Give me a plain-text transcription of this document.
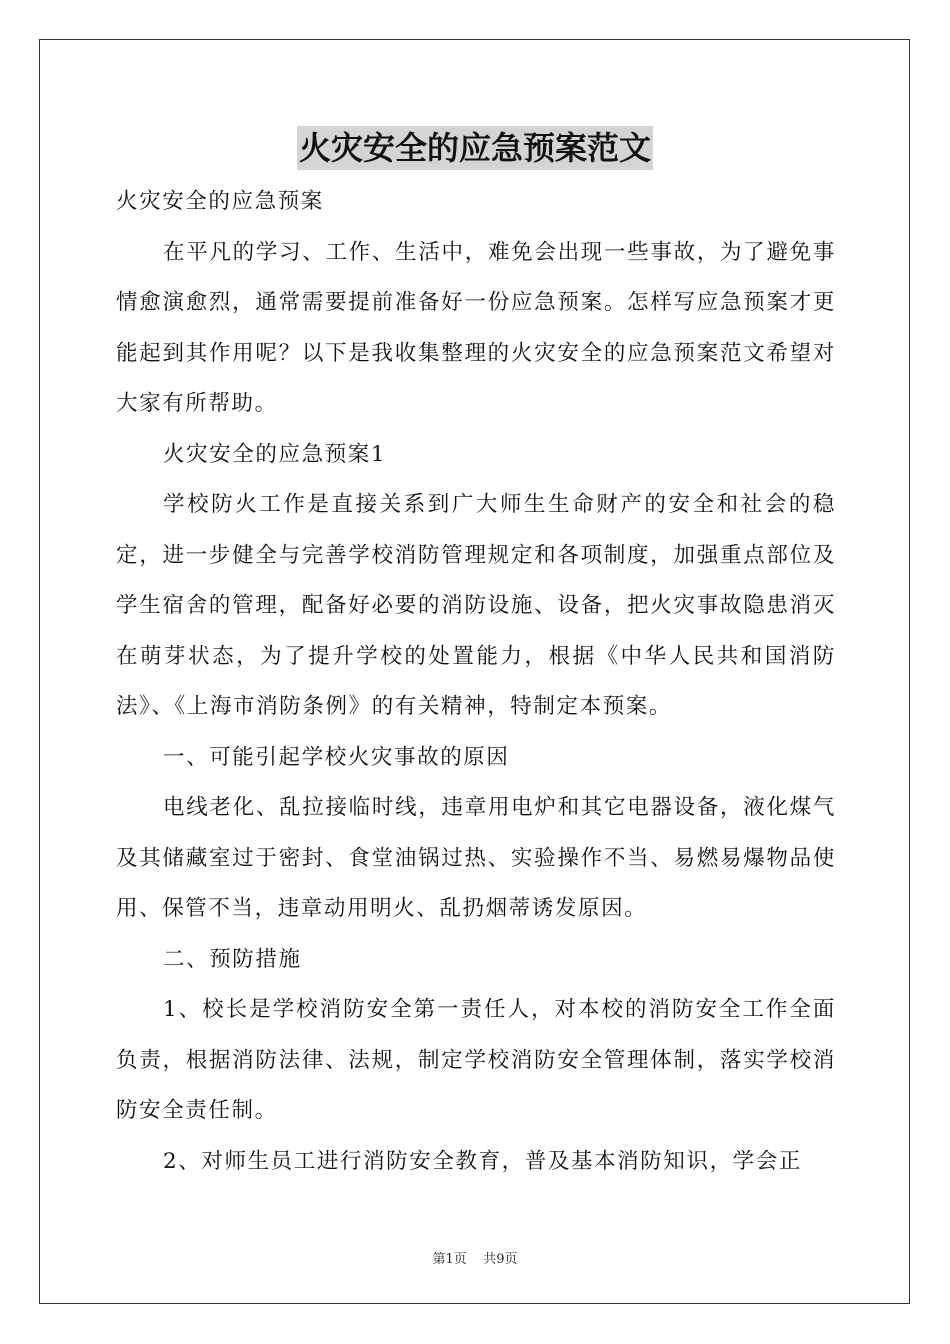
火灾安全的应急预案范文

火灾安全的应急预案

在平凡的学习、工作、生活中，难免会出现一些事故，为了避免事情愈演愈烈，通常需要提前准备好一份应急预案。怎样写应急预案才更能起到其作用呢？以下是我收集整理的火灾安全的应急预案范文希望对大家有所帮助。

火灾安全的应急预案1

学校防火工作是直接关系到广大师生生命财产的安全和社会的稳定，进一步健全与完善学校消防管理规定和各项制度，加强重点部位及学生宿舍的管理，配备好必要的消防设施、设备，把火灾事故隐患消灭在萌芽状态，为了提升学校的处置能力，根据《中华人民共和国消防法》、《上海市消防条例》的有关精神，特制定本预案。

一、可能引起学校火灾事故的原因

电线老化、乱拉接临时线，违章用电炉和其它电器设备，液化煤气及其储藏室过于密封、食堂油锅过热、实验操作不当、易燃易爆物品使用、保管不当，违章动用明火、乱扔烟蒂诱发原因。

二、预防措施

1、校长是学校消防安全第一责任人，对本校的消防安全工作全面负责，根据消防法律、法规，制定学校消防安全管理体制，落实学校消防安全责任制。

2、对师生员工进行消防安全教育，普及基本消防知识，学会正

第1页    共9页
